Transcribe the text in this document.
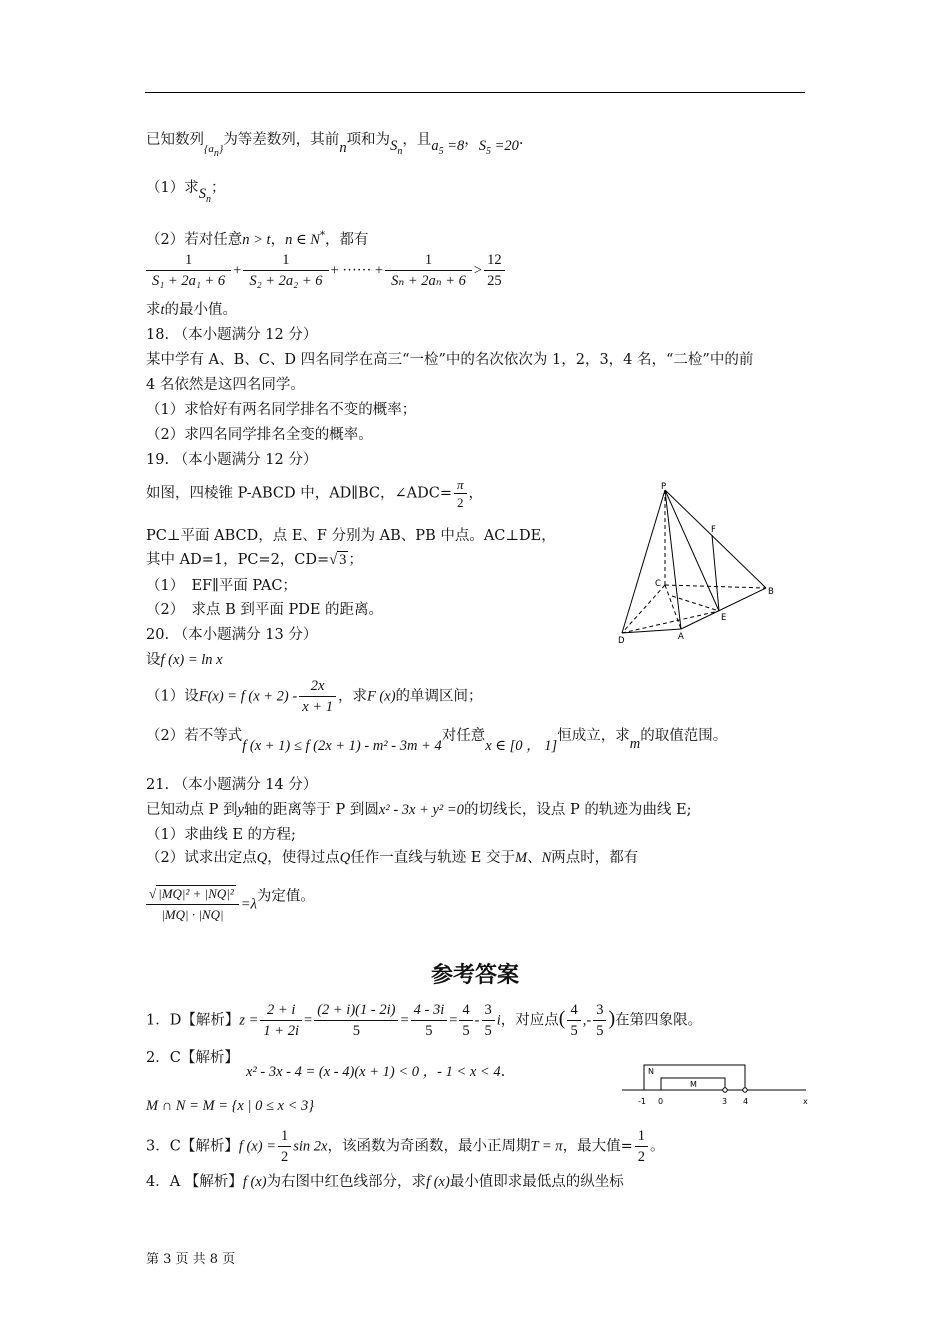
已知数列$_{\{an\}}$为等差数列，其前n项和为$S_n$，且$a_5 =8$，$S_5 =20$.
（1）求$S_n$；
（2）若对任意n > t，n ∈ N*，都有
$\frac{1}{\text{S₁ + 2a₁ + 6}} + \frac{1}{\text{S₂ + 2a₂ + 6}}$ + ······ + $\frac{1}{\text{Sₙ + 2aₙ + 6}} > \frac{12}{25}$
求t的最小值。
18. （本小题满分 12 分）
某中学有 A、B、C、D 四名同学在高三“一检”中的名次依次为 1，2，3，4 名，“二检”中的前
4 名依然是这四名同学。
（1）求恰好有两名同学排名不变的概率；
（2）求四名同学排名全变的概率。
19. （本小题满分 12 分）
如图，四棱锥 P-ABCD 中，AD∥BC，∠ADC= $\frac{\pi}{2}$ ，
PC⊥平面 ABCD，点 E、F 分别为 AB、PB 中点。AC⊥DE，
其中 AD=1，PC=2，CD=√ 3 ；
（1）　EF∥平面 PAC；
（2）　求点 B 到平面 PDE 的距离。
P
F
C
B
E
D	A
20. （本小题满分 13 分）
设f (x) = ln x
（1）设F(x) = f $(x + 2) - \frac{2x}{x + 1}$ ，求F (x)的单调区间；
（2）若不等式f (x + 1) ≤ f (2x + 1) - m² - 3m + 4对任意x ∈ [0 ， 1]恒成立，求m的取值范围。
21. （本小题满分 14 分）
已知动点 P 到y轴的距离等于 P 到圆x² - 3x + y² =0的切线长，设点 P 的轨迹为曲线 E;
（1）求曲线 E 的方程;
（2）试求出定点Q，使得过点Q任作一直线与轨迹 E 交于M、N两点时，都有
$\frac{\text{√ |MQ|² + |NQ|²}}{|MQ| \cdot |NQ|} =\lambda$为定值。
参考答案
1．D【解析】$z = \frac{2 + i}{1 + 2i} = \frac{(2 + i)(1 - 2i)}{5} = \frac{4 - 3i}{5} = \frac{4}{5} - \frac{3}{5}$ i，对应点( $\frac{4}{5}$ ,- $\frac{3}{5}$ )在第四象限。
2．C【解析】
x² - 3x - 4 = (x - 4)(x + 1) < 0 ，- 1 < x < 4.
M ∩ N = M = {x | 0 ≤ x < 3}
N
M
-1 0	3 4	x
3．C【解析】f $(x) = \frac{1}{2}$ sin 2x，该函数为奇函数，最小正周期T = π，最大值= $\frac{1}{2}$ 。
4．A 【解析】f (x)为右图中红色线部分，求f (x)最小值即求最低点的纵坐标
第 3 页 共 8 页
